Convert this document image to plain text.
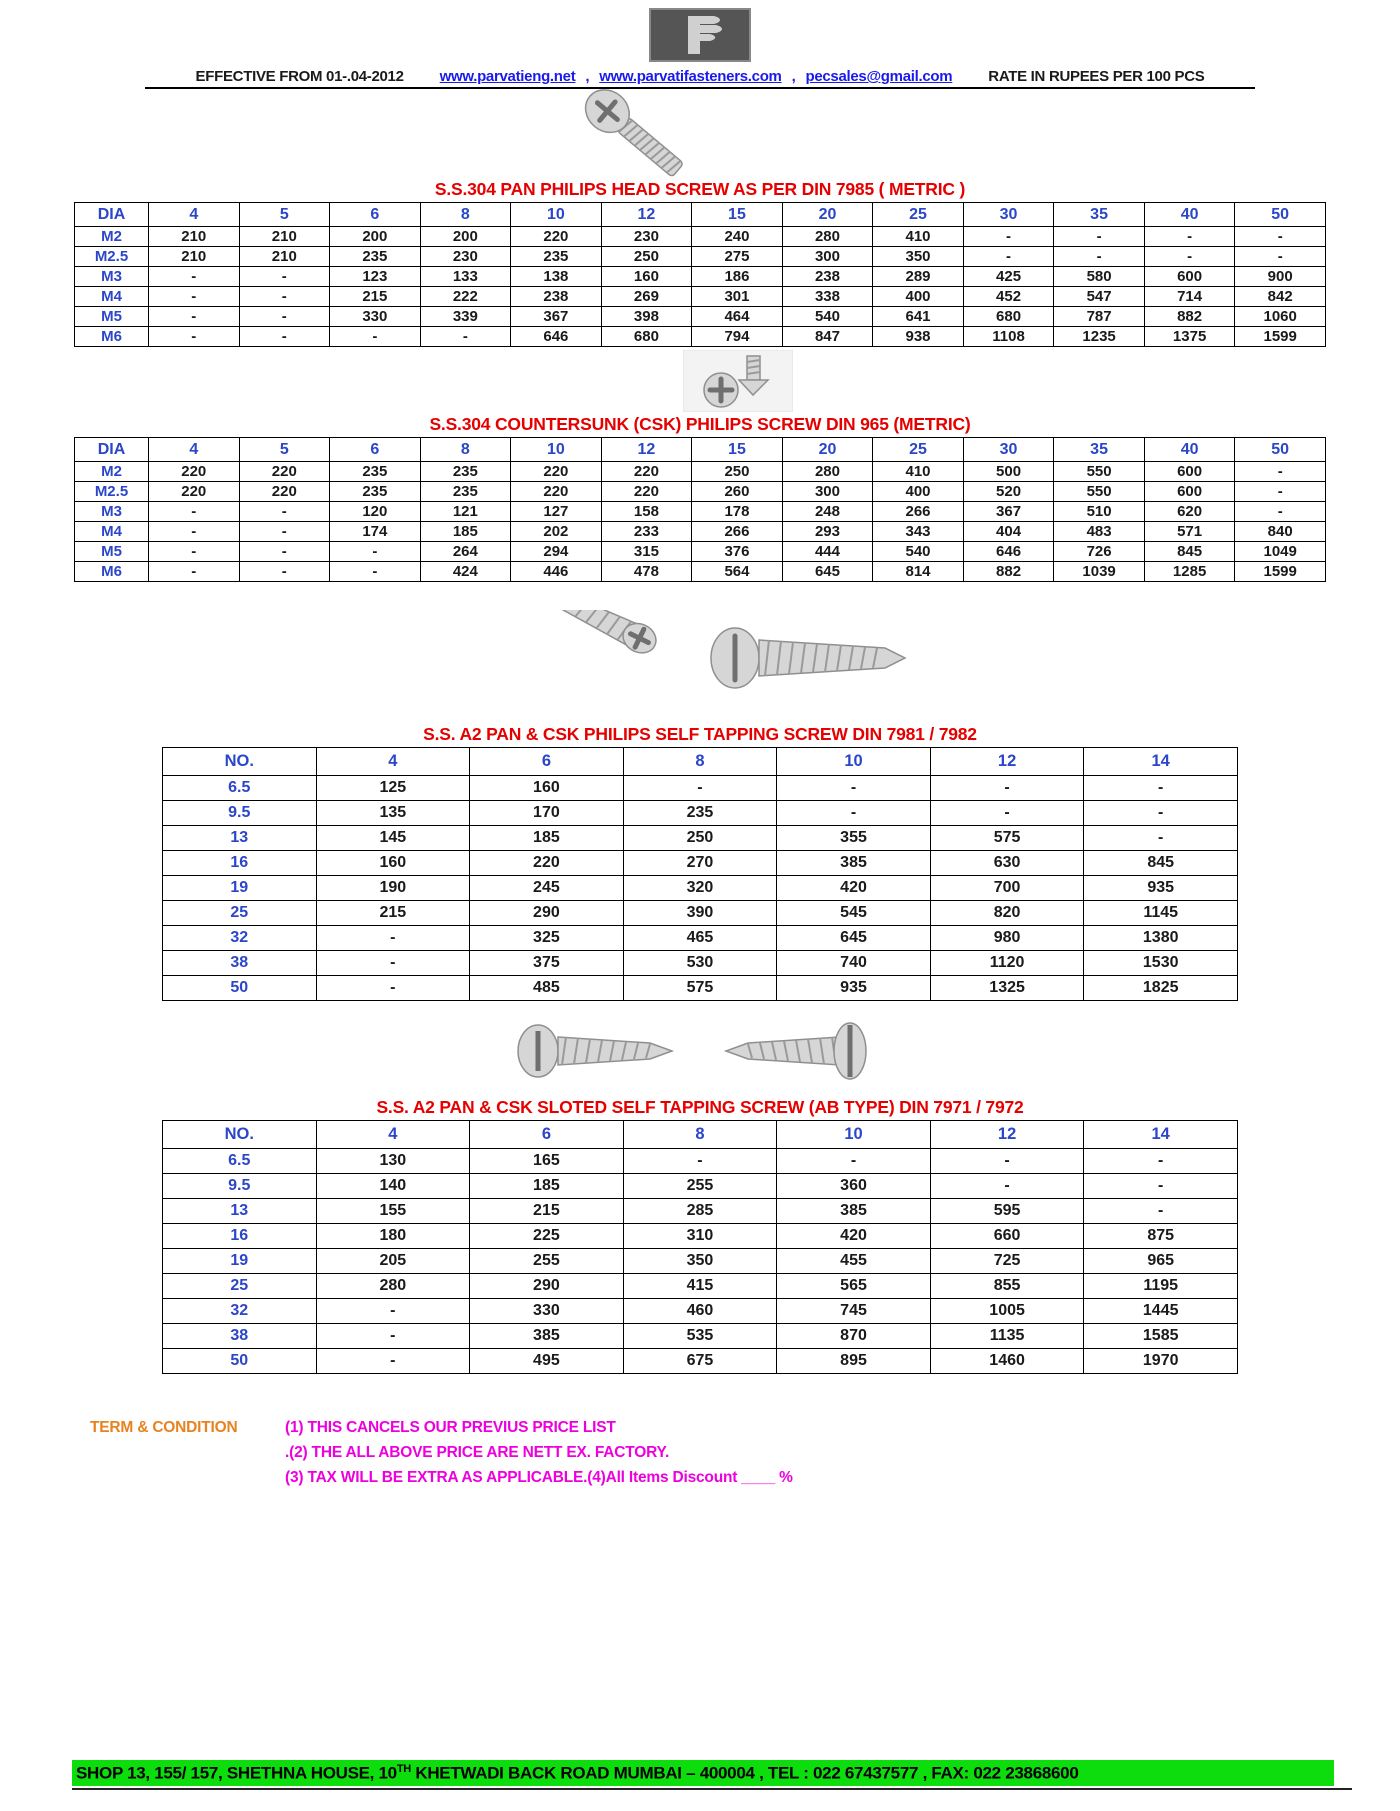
EFFECTIVE FROM 01-.04-2012 www.parvatieng.net , www.parvatifasteners.com , pecsales@gmail.com RATE IN RUPEES PER 100 PCS
S.S.304 PAN PHILIPS HEAD SCREW AS PER DIN 7985 ( METRIC )
DIA	4	5	6	8	10	12	15	20	25	30	35	40	50
M2	210	210	200	200	220	230	240	280	410	-	-	-	-
M2.5	210	210	235	230	235	250	275	300	350	-	-	-	-
M3	-	-	123	133	138	160	186	238	289	425	580	600	900
M4	-	-	215	222	238	269	301	338	400	452	547	714	842
M5	-	-	330	339	367	398	464	540	641	680	787	882	1060
M6	-	-	-	-	646	680	794	847	938	1108	1235	1375	1599
S.S.304 COUNTERSUNK (CSK) PHILIPS SCREW DIN 965 (METRIC)
DIA	4	5	6	8	10	12	15	20	25	30	35	40	50
M2	220	220	235	235	220	220	250	280	410	500	550	600	-
M2.5	220	220	235	235	220	220	260	300	400	520	550	600	-
M3	-	-	120	121	127	158	178	248	266	367	510	620	-
M4	-	-	174	185	202	233	266	293	343	404	483	571	840
M5	-	-	-	264	294	315	376	444	540	646	726	845	1049
M6	-	-	-	424	446	478	564	645	814	882	1039	1285	1599
S.S. A2 PAN & CSK PHILIPS SELF TAPPING SCREW DIN 7981 / 7982
NO.	4	6	8	10	12	14
6.5	125	160	-	-	-	-
9.5	135	170	235	-	-	-
13	145	185	250	355	575	-
16	160	220	270	385	630	845
19	190	245	320	420	700	935
25	215	290	390	545	820	1145
32	-	325	465	645	980	1380
38	-	375	530	740	1120	1530
50	-	485	575	935	1325	1825
S.S. A2 PAN & CSK SLOTED SELF TAPPING SCREW (AB TYPE) DIN 7971 / 7972
NO.	4	6	8	10	12	14
6.5	130	165	-	-	-	-
9.5	140	185	255	360	-	-
13	155	215	285	385	595	-
16	180	225	310	420	660	875
19	205	255	350	455	725	965
25	280	290	415	565	855	1195
32	-	330	460	745	1005	1445
38	-	385	535	870	1135	1585
50	-	495	675	895	1460	1970
TERM & CONDITION	(1) THIS CANCELS OUR PREVIUS PRICE LIST
.(2) THE ALL ABOVE PRICE ARE NETT EX. FACTORY.
(3) TAX WILL BE EXTRA AS APPLICABLE.(4)All Items Discount ____ %
SHOP 13, 155/ 157, SHETHNA HOUSE, 10TH KHETWADI BACK ROAD MUMBAI – 400004 , TEL : 022 67437577 , FAX: 022 23868600
